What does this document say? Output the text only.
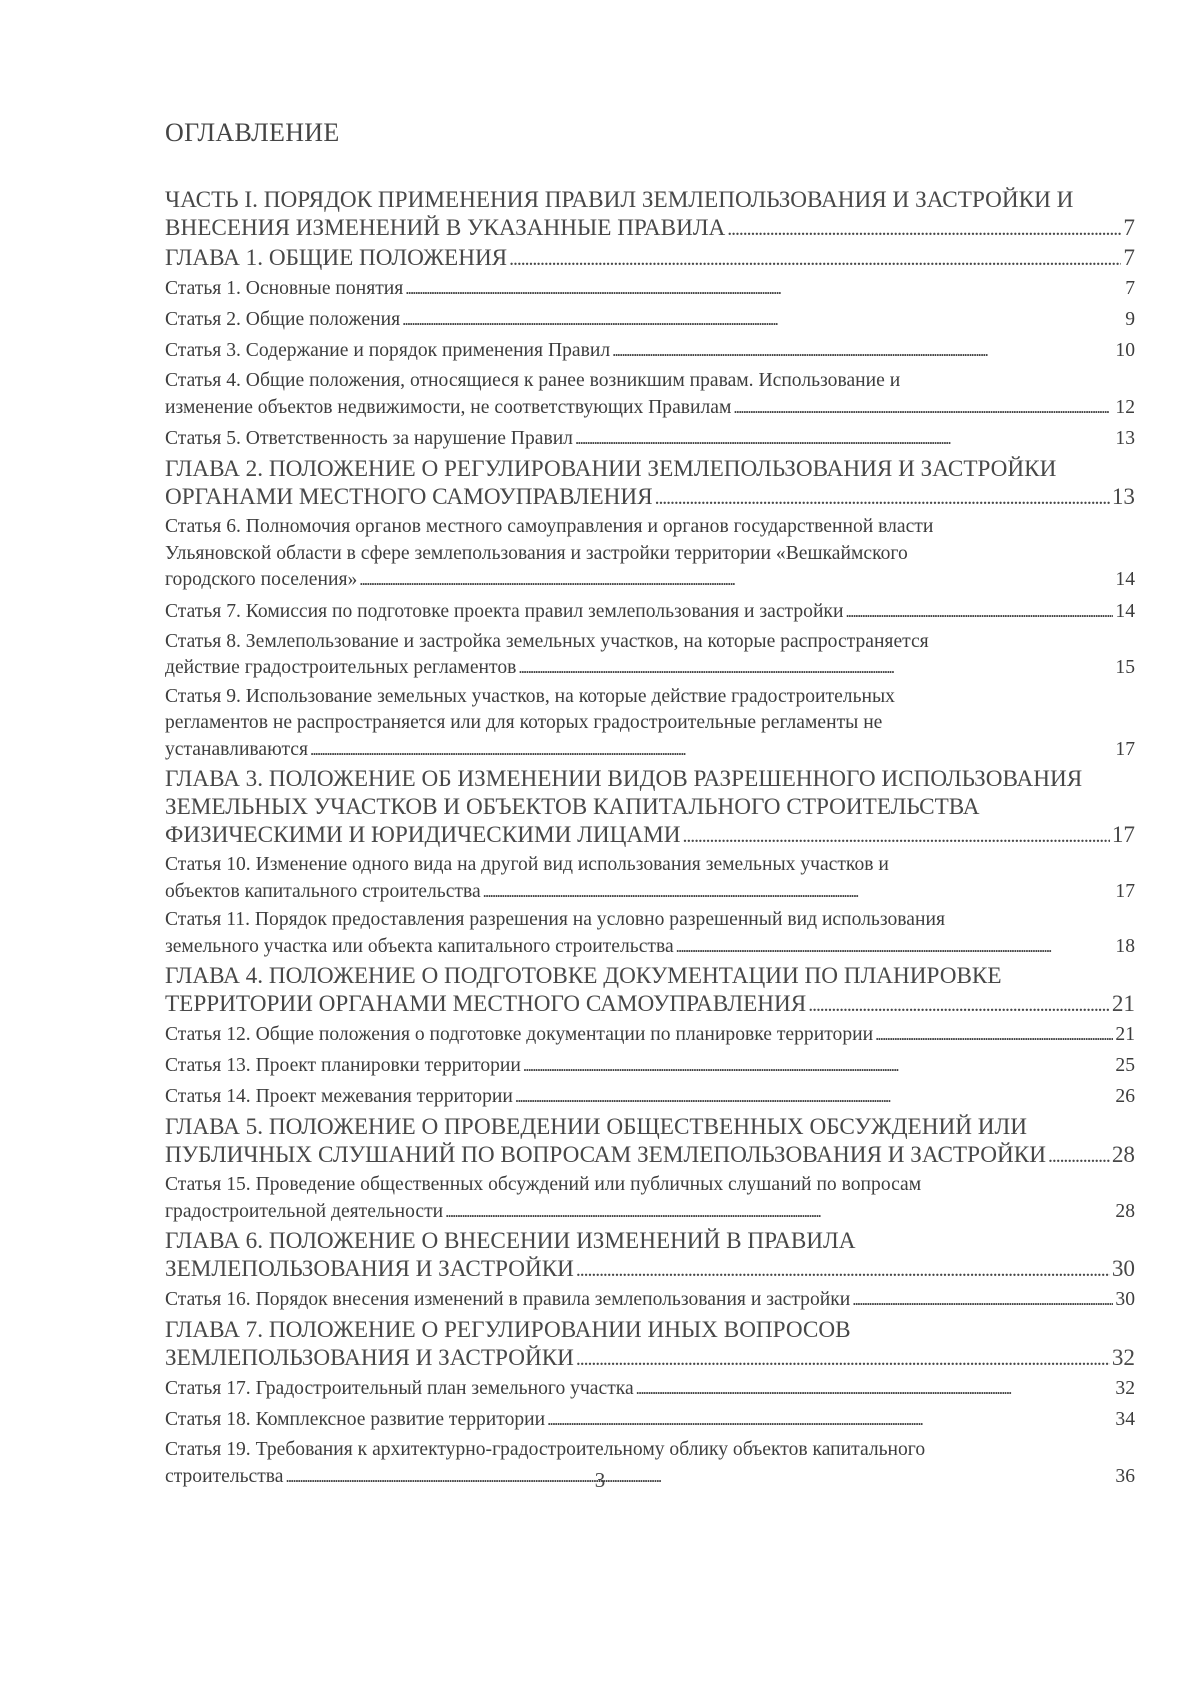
ОГЛАВЛЕНИЕ
ЧАСТЬ I. ПОРЯДОК ПРИМЕНЕНИЯ ПРАВИЛ ЗЕМЛЕПОЛЬЗОВАНИЯ И ЗАСТРОЙКИ И
ВНЕСЕНИЯ ИЗМЕНЕНИЙ В УКАЗАННЫЕ ПРАВИЛА . . .	7
ГЛАВА 1. ОБЩИЕ ПОЛОЖЕНИЯ . . .	7
Статья 1. Основные понятия . . .	7
Статья 2. Общие положения . . .	9
Статья 3. Содержание и порядок применения Правил . . .	10
Статья 4. Общие положения, относящиеся к ранее возникшим правам. Использование и
изменение объектов недвижимости, не соответствующих Правилам . . .	12
Статья 5. Ответственность за нарушение Правил . . .	13
ГЛАВА 2. ПОЛОЖЕНИЕ О РЕГУЛИРОВАНИИ ЗЕМЛЕПОЛЬЗОВАНИЯ И ЗАСТРОЙКИ
ОРГАНАМИ МЕСТНОГО САМОУПРАВЛЕНИЯ . . .	13
Статья 6. Полномочия органов местного самоуправления и органов государственной власти
Ульяновской области в сфере землепользования и застройки территории «Вешкаймского
городского поселения» . . .	14
Статья 7. Комиссия по подготовке проекта правил землепользования и застройки . . .	14
Статья 8. Землепользование и застройка земельных участков, на которые распространяется
действие градостроительных регламентов . . .	15
Статья 9. Использование земельных участков, на которые действие градостроительных
регламентов не распространяется или для которых градостроительные регламенты не
устанавливаются . . .	17
ГЛАВА 3. ПОЛОЖЕНИЕ ОБ ИЗМЕНЕНИИ ВИДОВ РАЗРЕШЕННОГО ИСПОЛЬЗОВАНИЯ
ЗЕМЕЛЬНЫХ УЧАСТКОВ И ОБЪЕКТОВ КАПИТАЛЬНОГО СТРОИТЕЛЬСТВА
ФИЗИЧЕСКИМИ И ЮРИДИЧЕСКИМИ ЛИЦАМИ . . .	17
Статья 10. Изменение одного вида на другой вид использования земельных участков и
объектов капитального строительства . . .	17
Статья 11. Порядок предоставления разрешения на условно разрешенный вид использования
земельного участка или объекта капитального строительства . . .	18
ГЛАВА 4. ПОЛОЖЕНИЕ О ПОДГОТОВКЕ ДОКУМЕНТАЦИИ ПО ПЛАНИРОВКЕ
ТЕРРИТОРИИ ОРГАНАМИ МЕСТНОГО САМОУПРАВЛЕНИЯ . . .	21
Статья 12. Общие положения о подготовке документации по планировке территории . . .	21
Статья 13. Проект планировки территории . . .	25
Статья 14. Проект межевания территории . . .	26
ГЛАВА 5. ПОЛОЖЕНИЕ О ПРОВЕДЕНИИ ОБЩЕСТВЕННЫХ ОБСУЖДЕНИЙ ИЛИ
ПУБЛИЧНЫХ СЛУШАНИЙ ПО ВОПРОСАМ ЗЕМЛЕПОЛЬЗОВАНИЯ И ЗАСТРОЙКИ . . .	28
Статья 15. Проведение общественных обсуждений или публичных слушаний по вопросам
градостроительной деятельности . . .	28
ГЛАВА 6. ПОЛОЖЕНИЕ О ВНЕСЕНИИ ИЗМЕНЕНИЙ В ПРАВИЛА
ЗЕМЛЕПОЛЬЗОВАНИЯ И ЗАСТРОЙКИ . . .	30
Статья 16. Порядок внесения изменений в правила землепользования и застройки . . .	30
ГЛАВА 7. ПОЛОЖЕНИЕ О РЕГУЛИРОВАНИИ ИНЫХ ВОПРОСОВ
ЗЕМЛЕПОЛЬЗОВАНИЯ И ЗАСТРОЙКИ . . .	32
Статья 17. Градостроительный план земельного участка . . .	32
Статья 18. Комплексное развитие территории . . .	34
Статья 19. Требования к архитектурно-градостроительному облику объектов капитального
строительства . . .	36
3
